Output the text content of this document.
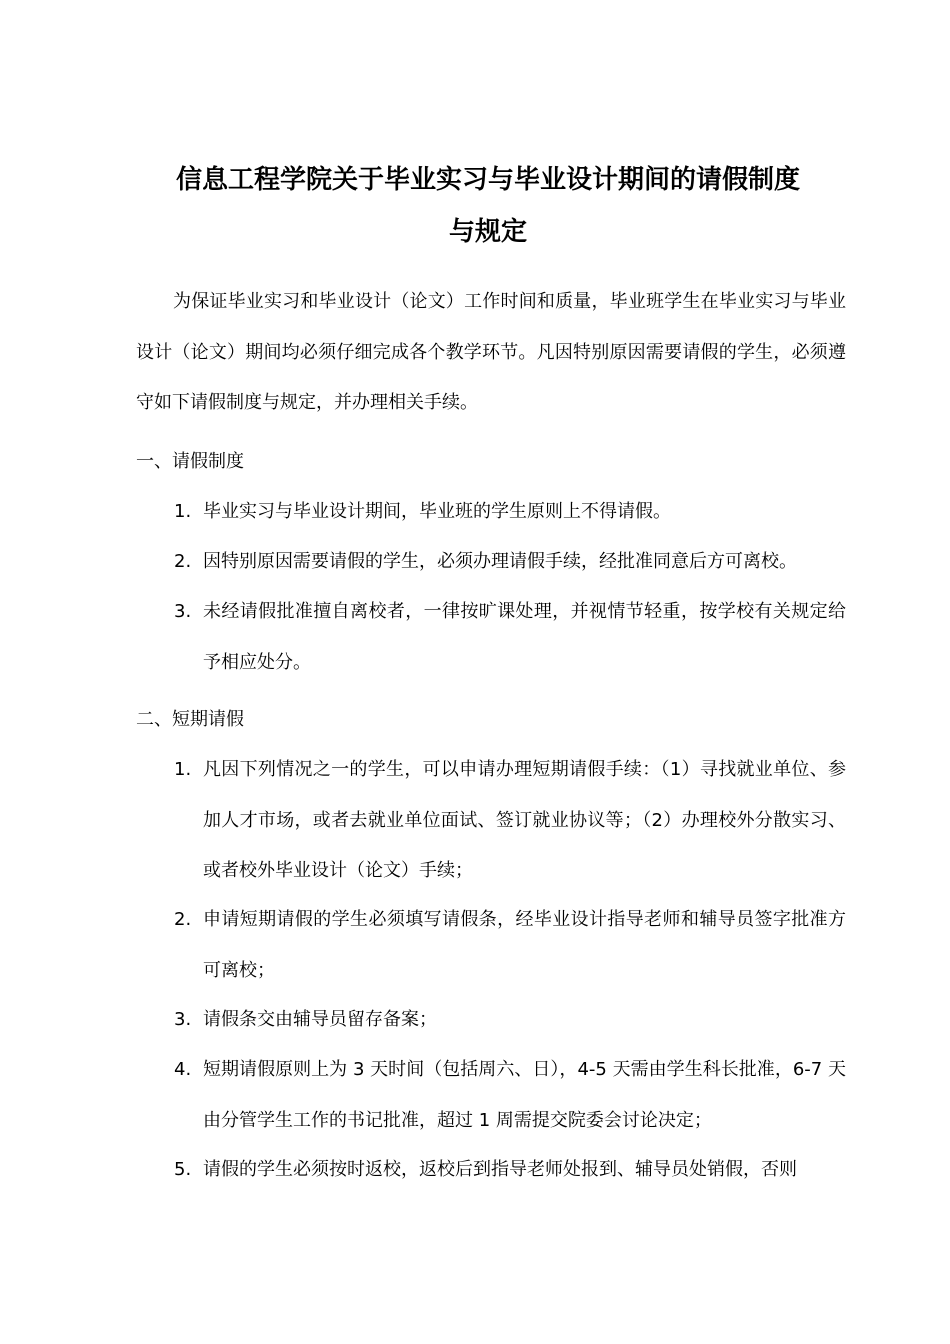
信息工程学院关于毕业实习与毕业设计期间的请假制度
与规定

为保证毕业实习和毕业设计（论文）工作时间和质量，毕业班学生在毕业实习与毕业设计（论文）期间均必须仔细完成各个教学环节。凡因特别原因需要请假的学生，必须遵守如下请假制度与规定，并办理相关手续。

一、请假制度

1. 毕业实习与毕业设计期间，毕业班的学生原则上不得请假。
2. 因特别原因需要请假的学生，必须办理请假手续，经批准同意后方可离校。
3. 未经请假批准擅自离校者，一律按旷课处理，并视情节轻重，按学校有关规定给予相应处分。

二、短期请假

1. 凡因下列情况之一的学生，可以申请办理短期请假手续：（1）寻找就业单位、参加人才市场，或者去就业单位面试、签订就业协议等；（2）办理校外分散实习、或者校外毕业设计（论文）手续；
2. 申请短期请假的学生必须填写请假条，经毕业设计指导老师和辅导员签字批准方可离校；
3. 请假条交由辅导员留存备案；
4. 短期请假原则上为 3 天时间（包括周六、日），4-5 天需由学生科长批准，6-7 天由分管学生工作的书记批准，超过 1 周需提交院委会讨论决定；
5. 请假的学生必须按时返校，返校后到指导老师处报到、辅导员处销假，否则
